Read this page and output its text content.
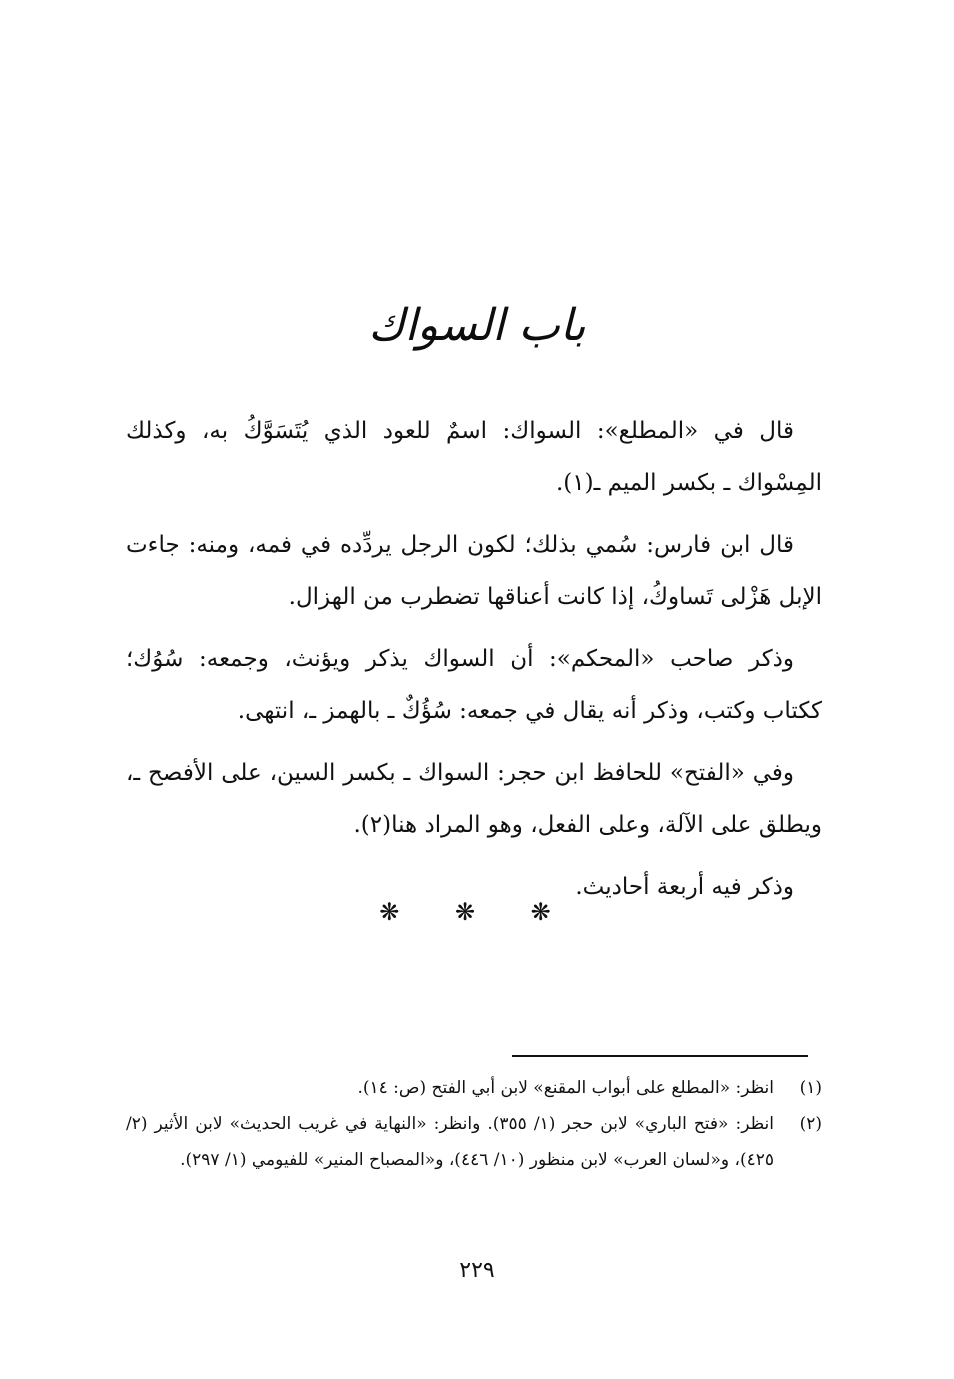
باب السواك

قال في «المطلع»: السواك: اسمٌ للعود الذي يُتَسَوَّكُ به، وكذلك المِسْواك ـ بكسر الميم ـ(١).

قال ابن فارس: سُمي بذلك؛ لكون الرجل يردِّده في فمه، ومنه: جاءت الإبل هَزْلى تَساوكُ، إذا كانت أعناقها تضطرب من الهزال.

وذكر صاحب «المحكم»: أن السواك يذكر ويؤنث، وجمعه: سُوُك؛ ككتاب وكتب، وذكر أنه يقال في جمعه: سُؤُكٌ ـ بالهمز ـ، انتهى.

وفي «الفتح» للحافظ ابن حجر: السواك ـ بكسر السين، على الأفصح ـ، ويطلق على الآلة، وعلى الفعل، وهو المراد هنا(٢).

وذكر فيه أربعة أحاديث.

❋ ❋ ❋
(١)
انظر: «المطلع على أبواب المقنع» لابن أبي الفتح (ص: ١٤).
(٢)
انظر: «فتح الباري» لابن حجر (١/ ٣٥٥). وانظر: «النهاية في غريب الحديث» لابن الأثير (٢/ ٤٢٥)، و«لسان العرب» لابن منظور (١٠/ ٤٤٦)، و«المصباح المنير» للفيومي (١/ ٢٩٧).
٢٢٩
